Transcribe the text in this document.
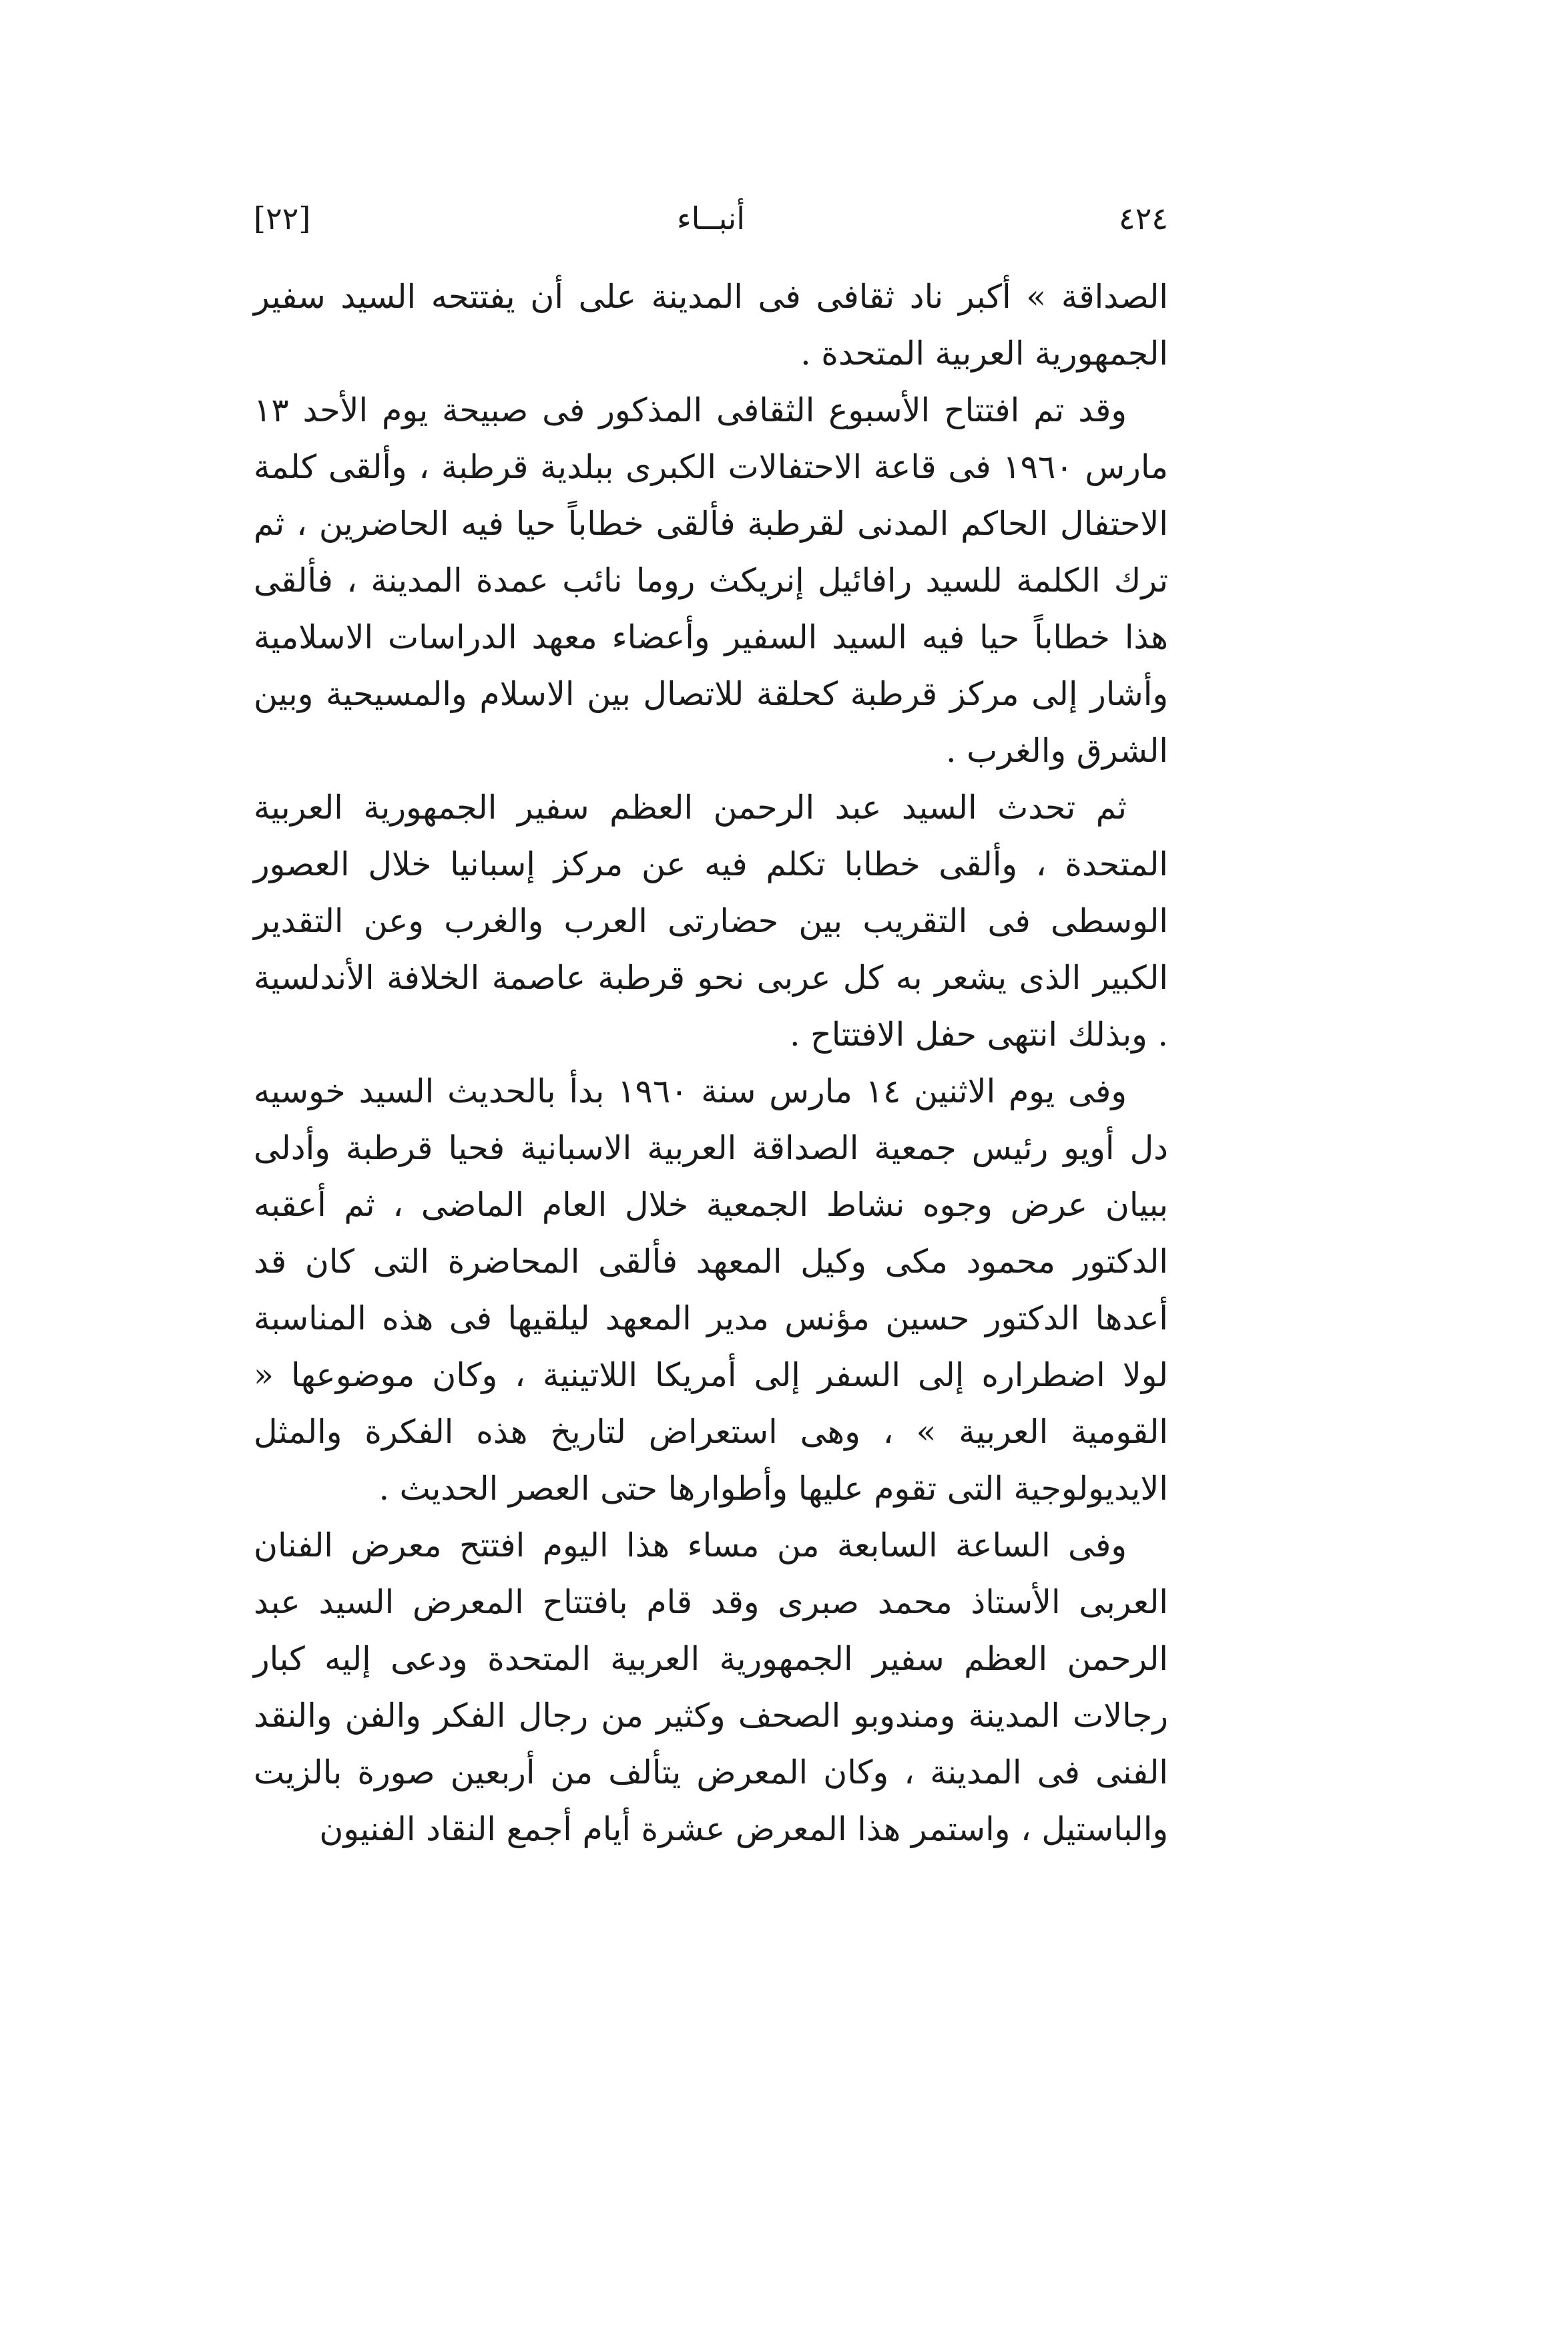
٤٢٤
أنبــاء
[٢٢]

الصداقة » أكبر ناد ثقافى فى المدينة على أن يفتتحه السيد سفير الجمهورية العربية المتحدة .

وقد تم افتتاح الأسبوع الثقافى المذكور فى صبيحة يوم الأحد ١٣ مارس ١٩٦٠ فى قاعة الاحتفالات الكبرى ببلدية قرطبة ، وألقى كلمة الاحتفال الحاكم المدنى لقرطبة فألقى خطاباً حيا فيه الحاضرين ، ثم ترك الكلمة للسيد رافائيل إنريكث روما نائب عمدة المدينة ، فألقى هذا خطاباً حيا فيه السيد السفير وأعضاء معهد الدراسات الاسلامية وأشار إلى مركز قرطبة كحلقة للاتصال بين الاسلام والمسيحية وبين الشرق والغرب .

ثم تحدث السيد عبد الرحمن العظم سفير الجمهورية العربية المتحدة ، وألقى خطابا تكلم فيه عن مركز إسبانيا خلال العصور الوسطى فى التقريب بين حضارتى العرب والغرب وعن التقدير الكبير الذى يشعر به كل عربى نحو قرطبة عاصمة الخلافة الأندلسية . وبذلك انتهى حفل الافتتاح .

وفى يوم الاثنين ١٤ مارس سنة ١٩٦٠ بدأ بالحديث السيد خوسيه دل أويو رئيس جمعية الصداقة العربية الاسبانية فحيا قرطبة وأدلى ببيان عرض وجوه نشاط الجمعية خلال العام الماضى ، ثم أعقبه الدكتور محمود مكى وكيل المعهد فألقى المحاضرة التى كان قد أعدها الدكتور حسين مؤنس مدير المعهد ليلقيها فى هذه المناسبة لولا اضطراره إلى السفر إلى أمريكا اللاتينية ، وكان موضوعها « القومية العربية » ، وهى استعراض لتاريخ هذه الفكرة والمثل الايديولوجية التى تقوم عليها وأطوارها حتى العصر الحديث .

وفى الساعة السابعة من مساء هذا اليوم افتتح معرض الفنان العربى الأستاذ محمد صبرى وقد قام بافتتاح المعرض السيد عبد الرحمن العظم سفير الجمهورية العربية المتحدة ودعى إليه كبار رجالات المدينة ومندوبو الصحف وكثير من رجال الفكر والفن والنقد الفنى فى المدينة ، وكان المعرض يتألف من أربعين صورة بالزيت والباستيل ، واستمر هذا المعرض عشرة أيام أجمع النقاد الفنيون
